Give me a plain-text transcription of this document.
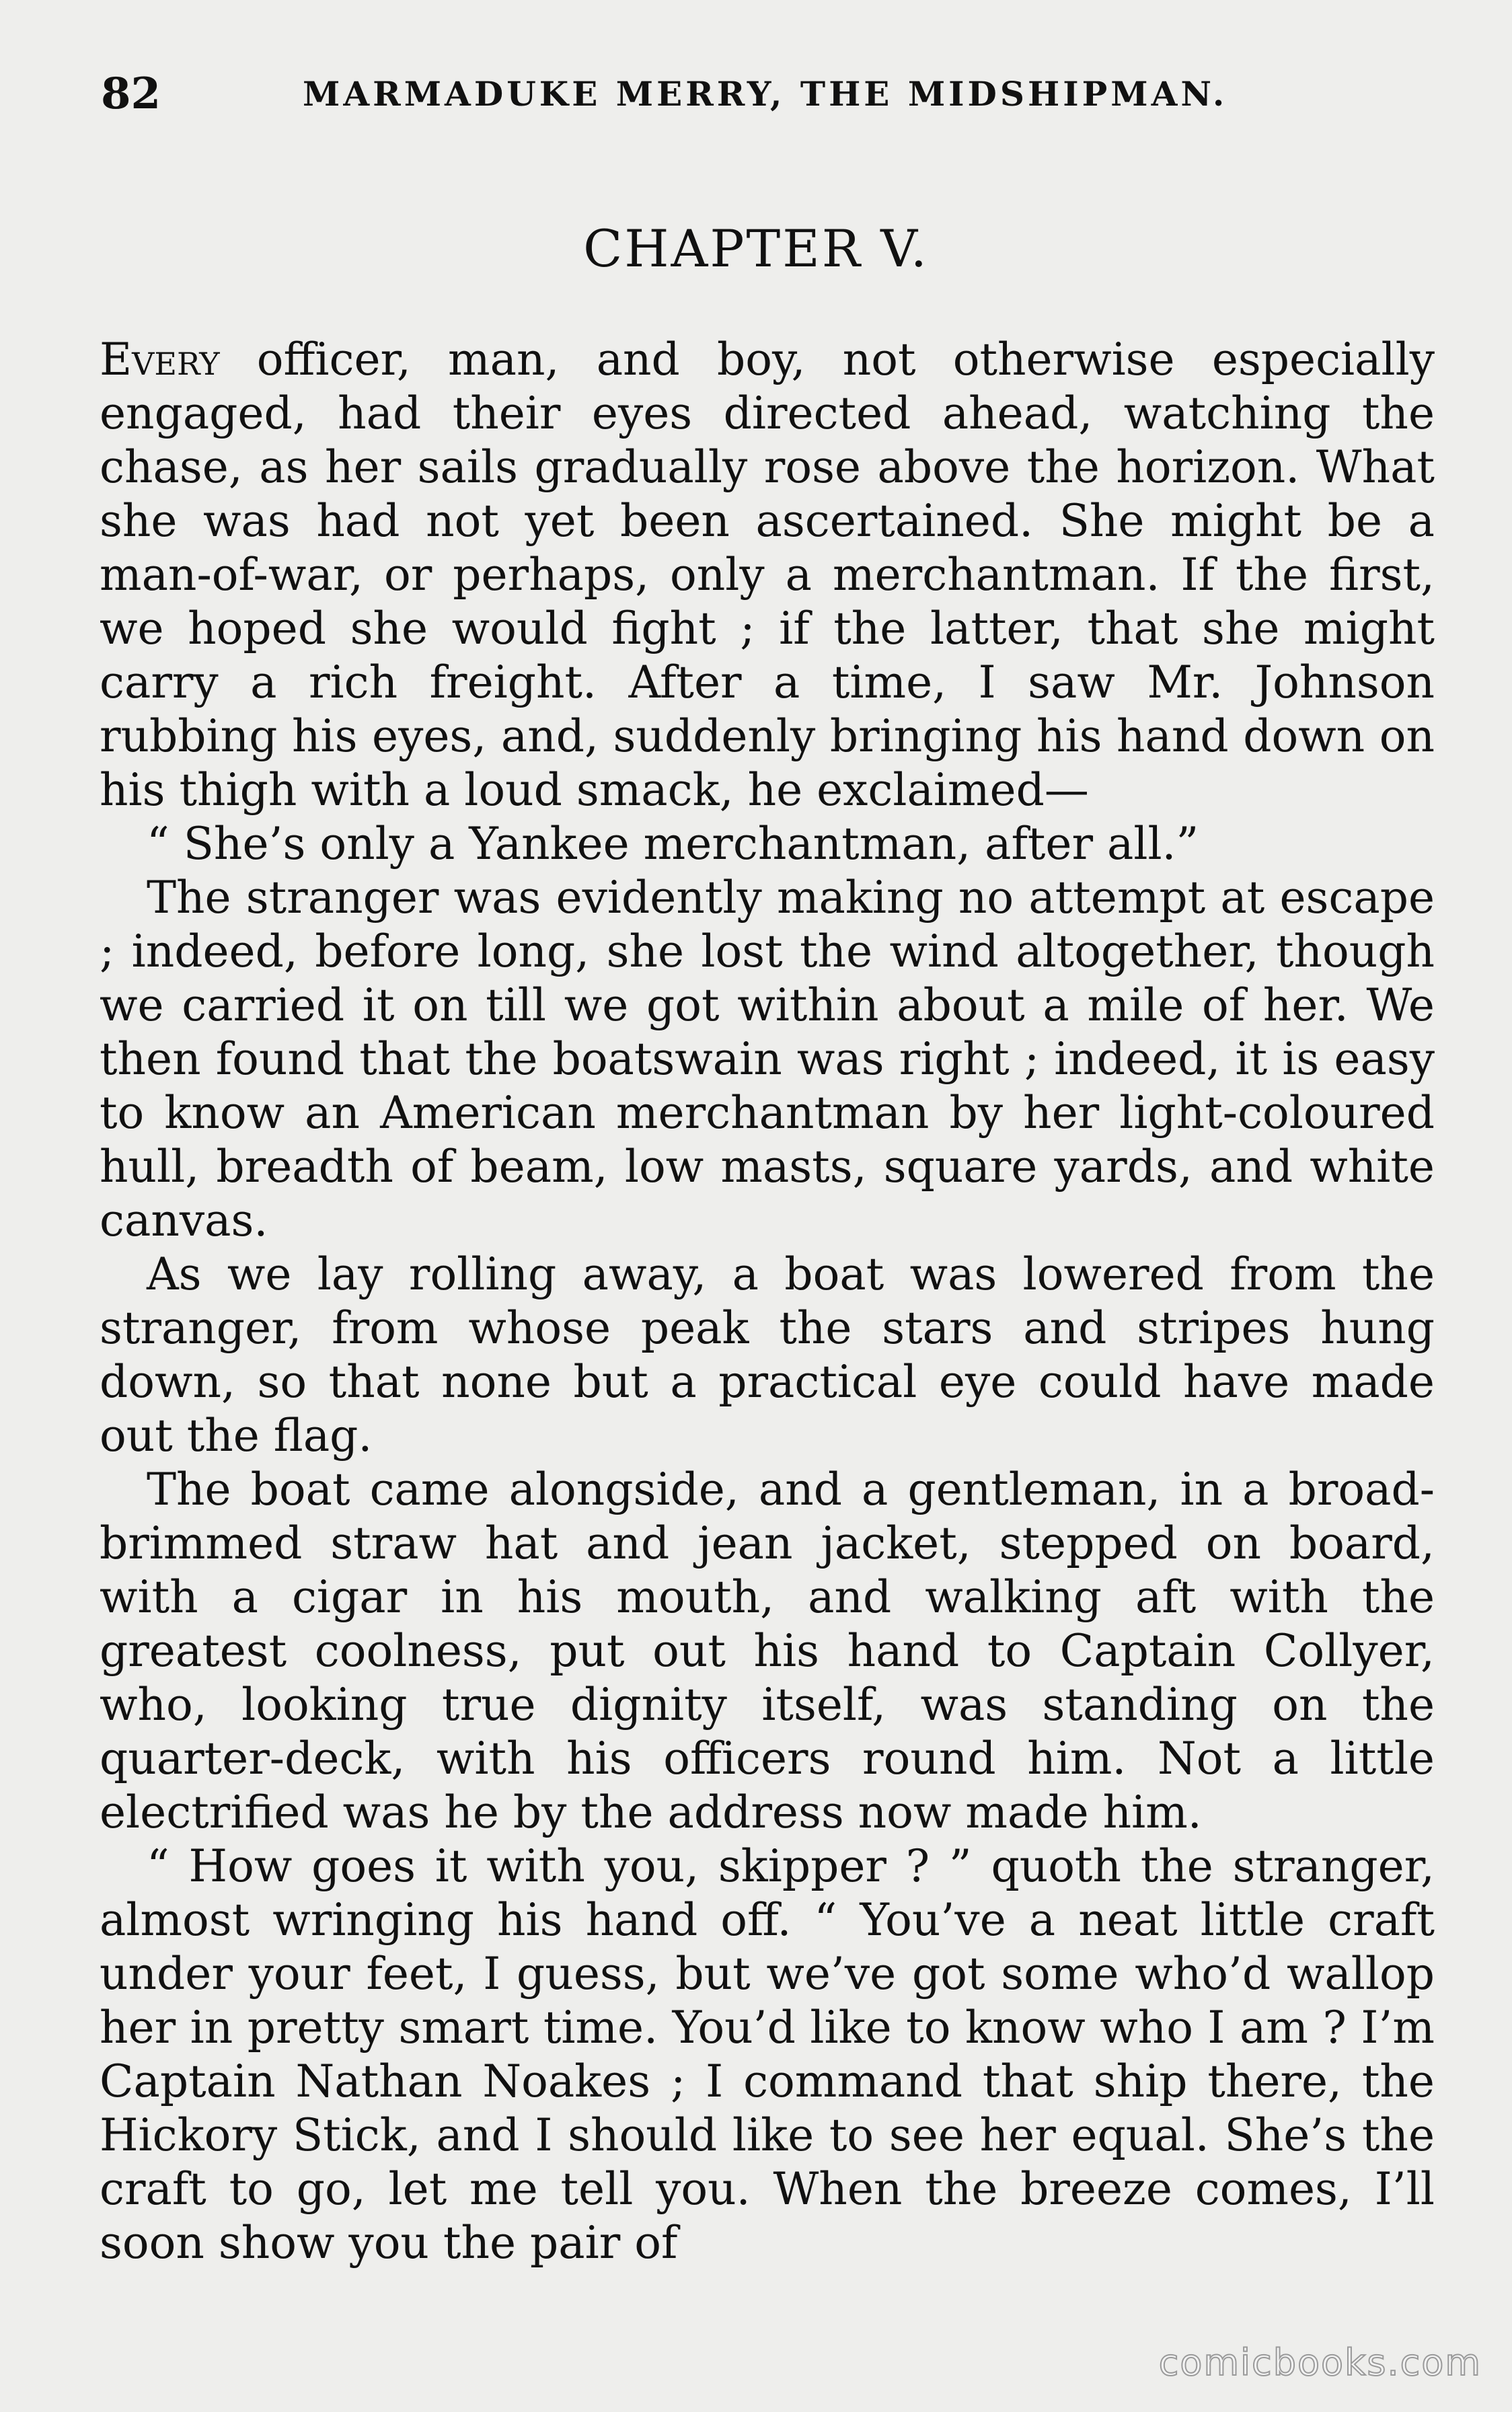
82	MARMADUKE MERRY, THE MIDSHIPMAN.
CHAPTER V.

Every officer, man, and boy, not otherwise especially engaged, had their eyes directed ahead, watching the chase, as her sails gradually rose above the horizon. What she was had not yet been ascertained. She might be a man-of-war, or perhaps, only a merchantman. If the first, we hoped she would fight ; if the latter, that she might carry a rich freight. After a time, I saw Mr. Johnson rubbing his eyes, and, suddenly bringing his hand down on his thigh with a loud smack, he exclaimed—

“ She’s only a Yankee merchantman, after all.”

The stranger was evidently making no attempt at escape ; indeed, before long, she lost the wind altogether, though we carried it on till we got within about a mile of her. We then found that the boatswain was right ; indeed, it is easy to know an American merchantman by her light-coloured hull, breadth of beam, low masts, square yards, and white canvas.

As we lay rolling away, a boat was lowered from the stranger, from whose peak the stars and stripes hung down, so that none but a practical eye could have made out the flag.

The boat came alongside, and a gentleman, in a broad-brimmed straw hat and jean jacket, stepped on board, with a cigar in his mouth, and walking aft with the greatest coolness, put out his hand to Captain Collyer, who, looking true dignity itself, was standing on the quarter-deck, with his officers round him. Not a little electrified was he by the address now made him.

“ How goes it with you, skipper ? ” quoth the stranger, almost wringing his hand off. “ You’ve a neat little craft under your feet, I guess, but we’ve got some who’d wallop her in pretty smart time. You’d like to know who I am ? I’m Captain Nathan Noakes ; I command that ship there, the Hickory Stick, and I should like to see her equal. She’s the craft to go, let me tell you. When the breeze comes, I’ll soon show you the pair of

comicbooks.com
